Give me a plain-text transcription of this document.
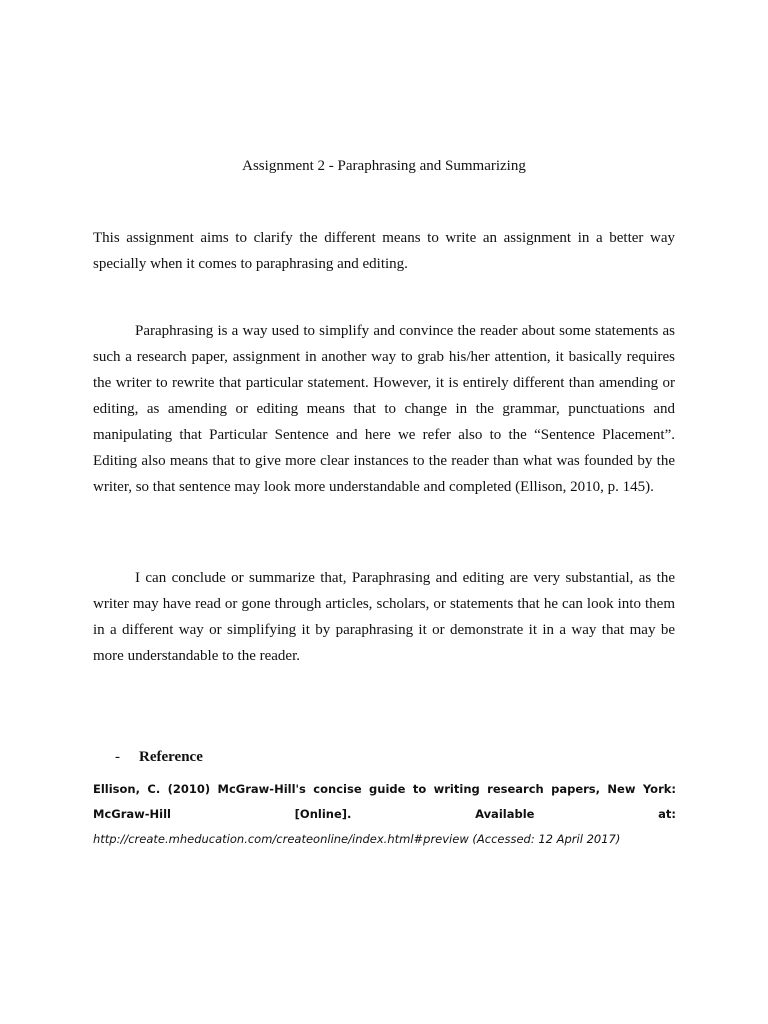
Assignment 2 - Paraphrasing and Summarizing

This assignment aims to clarify the different means to write an assignment in a better way specially when it comes to paraphrasing and editing.

Paraphrasing is a way used to simplify and convince the reader about some statements as such a research paper, assignment in another way to grab his/her attention, it basically requires the writer to rewrite that particular statement. However, it is entirely different than amending or editing, as amending or editing means that to change in the grammar, punctuations and manipulating that Particular Sentence and here we refer also to the “Sentence Placement”. Editing also means that to give more clear instances to the reader than what was founded by the writer, so that sentence may look more understandable and completed (Ellison, 2010, p. 145).

I can conclude or summarize that, Paraphrasing and editing are very substantial, as the writer may have read or gone through articles, scholars, or statements that he can look into them in a different way or simplifying it by paraphrasing it or demonstrate it in a way that may be more understandable to the reader.

- Reference

Ellison, C. (2010) McGraw-Hill's concise guide to writing research papers, New York: McGraw-Hill [Online]. Available at: http://create.mheducation.com/createonline/index.html#preview (Accessed: 12 April 2017)
